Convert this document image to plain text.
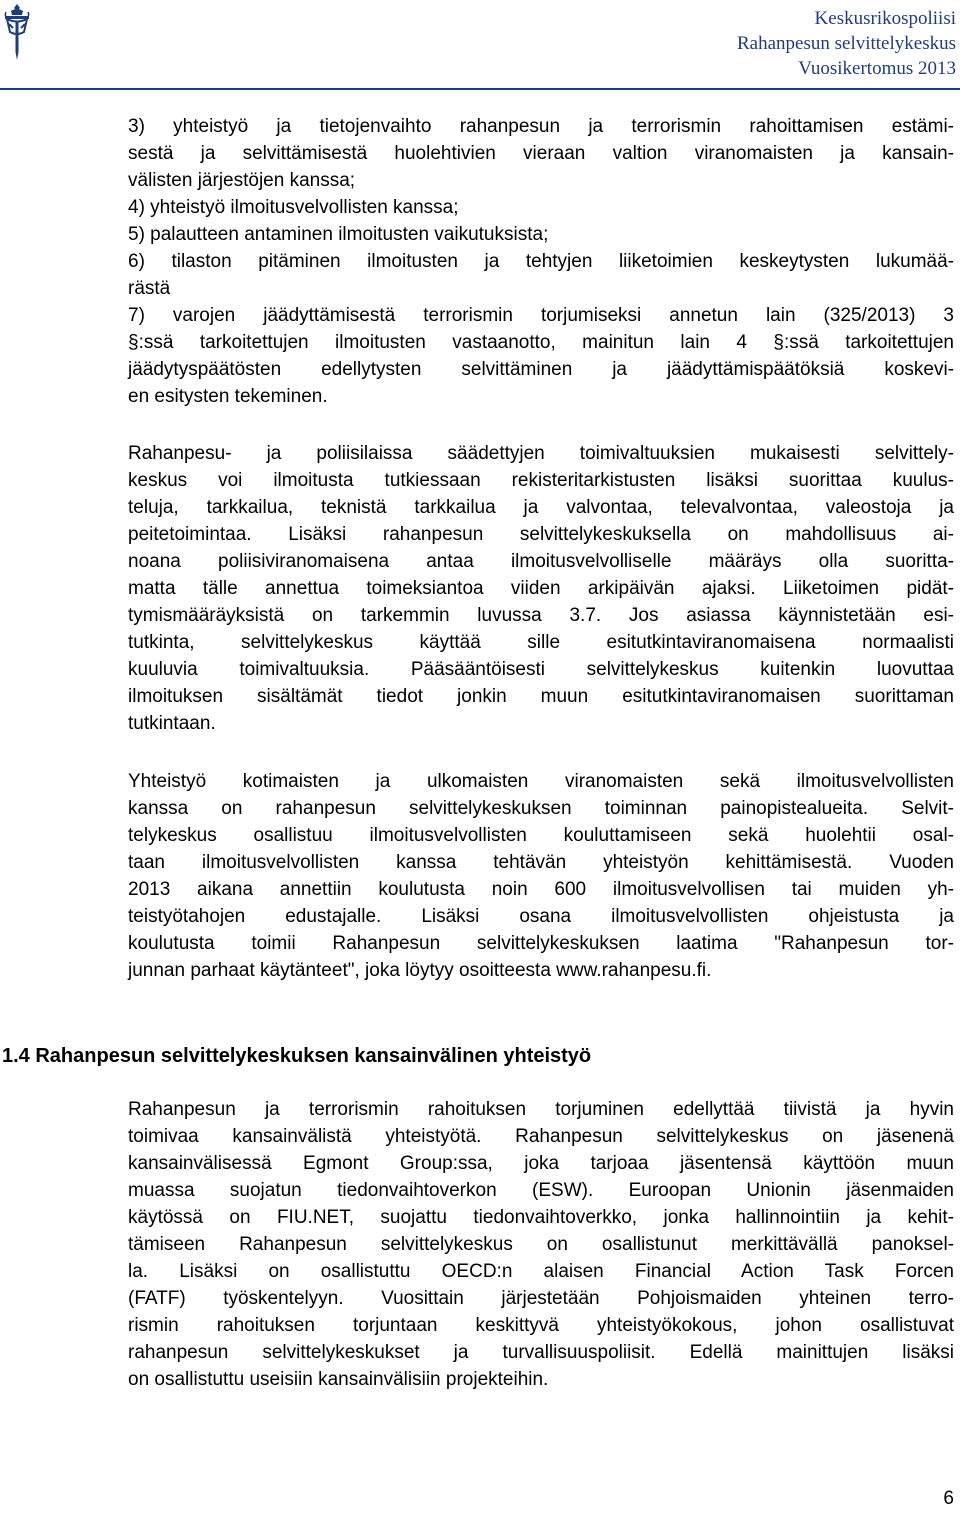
Keskusrikospoliisi
Rahanpesun selvittelykeskus
Vuosikertomus 2013
3) yhteistyö ja tietojenvaihto rahanpesun ja terrorismin rahoittamisen estämi-
sestä ja selvittämisestä huolehtivien vieraan valtion viranomaisten ja kansain-
välisten järjestöjen kanssa;
4) yhteistyö ilmoitusvelvollisten kanssa;
5) palautteen antaminen ilmoitusten vaikutuksista;
6) tilaston pitäminen ilmoitusten ja tehtyjen liiketoimien keskeytysten lukumää-
rästä
7) varojen jäädyttämisestä terrorismin torjumiseksi annetun lain (325/2013) 3
§:ssä tarkoitettujen ilmoitusten vastaanotto, mainitun lain 4 §:ssä tarkoitettujen
jäädytyspäätösten edellytysten selvittäminen ja jäädyttämispäätöksiä koskevi-
en esitysten tekeminen.
Rahanpesu- ja poliisilaissa säädettyjen toimivaltuuksien mukaisesti selvittely-
keskus voi ilmoitusta tutkiessaan rekisteritarkistusten lisäksi suorittaa kuulus-
teluja, tarkkailua, teknistä tarkkailua ja valvontaa, televalvontaa, valeostoja ja
peitetoimintaa. Lisäksi rahanpesun selvittelykeskuksella on mahdollisuus ai-
noana poliisiviranomaisena antaa ilmoitusvelvolliselle määräys olla suoritta-
matta tälle annettua toimeksiantoa viiden arkipäivän ajaksi. Liiketoimen pidät-
tymismääräyksistä on tarkemmin luvussa 3.7. Jos asiassa käynnistetään esi-
tutkinta, selvittelykeskus käyttää sille esitutkintaviranomaisena normaalisti
kuuluvia toimivaltuuksia. Pääsääntöisesti selvittelykeskus kuitenkin luovuttaa
ilmoituksen sisältämät tiedot jonkin muun esitutkintaviranomaisen suorittaman
tutkintaan.
Yhteistyö kotimaisten ja ulkomaisten viranomaisten sekä ilmoitusvelvollisten
kanssa on rahanpesun selvittelykeskuksen toiminnan painopistealueita. Selvit-
telykeskus osallistuu ilmoitusvelvollisten kouluttamiseen sekä huolehtii osal-
taan ilmoitusvelvollisten kanssa tehtävän yhteistyön kehittämisestä. Vuoden
2013 aikana annettiin koulutusta noin 600 ilmoitusvelvollisen tai muiden yh-
teistyötahojen edustajalle. Lisäksi osana ilmoitusvelvollisten ohjeistusta ja
koulutusta toimii Rahanpesun selvittelykeskuksen laatima "Rahanpesun tor-
junnan parhaat käytänteet", joka löytyy osoitteesta www.rahanpesu.fi.
1.4 Rahanpesun selvittelykeskuksen kansainvälinen yhteistyö
Rahanpesun ja terrorismin rahoituksen torjuminen edellyttää tiivistä ja hyvin
toimivaa kansainvälistä yhteistyötä. Rahanpesun selvittelykeskus on jäsenenä
kansainvälisessä Egmont Group:ssa, joka tarjoaa jäsentensä käyttöön muun
muassa suojatun tiedonvaihtoverkon (ESW). Euroopan Unionin jäsenmaiden
käytössä on FIU.NET, suojattu tiedonvaihtoverkko, jonka hallinnointiin ja kehit-
tämiseen Rahanpesun selvittelykeskus on osallistunut merkittävällä panoksel-
la. Lisäksi on osallistuttu OECD:n alaisen Financial Action Task Forcen
(FATF) työskentelyyn. Vuosittain järjestetään Pohjoismaiden yhteinen terro-
rismin rahoituksen torjuntaan keskittyvä yhteistyökokous, johon osallistuvat
rahanpesun selvittelykeskukset ja turvallisuuspoliisit. Edellä mainittujen lisäksi
on osallistuttu useisiin kansainvälisiin projekteihin.
6
